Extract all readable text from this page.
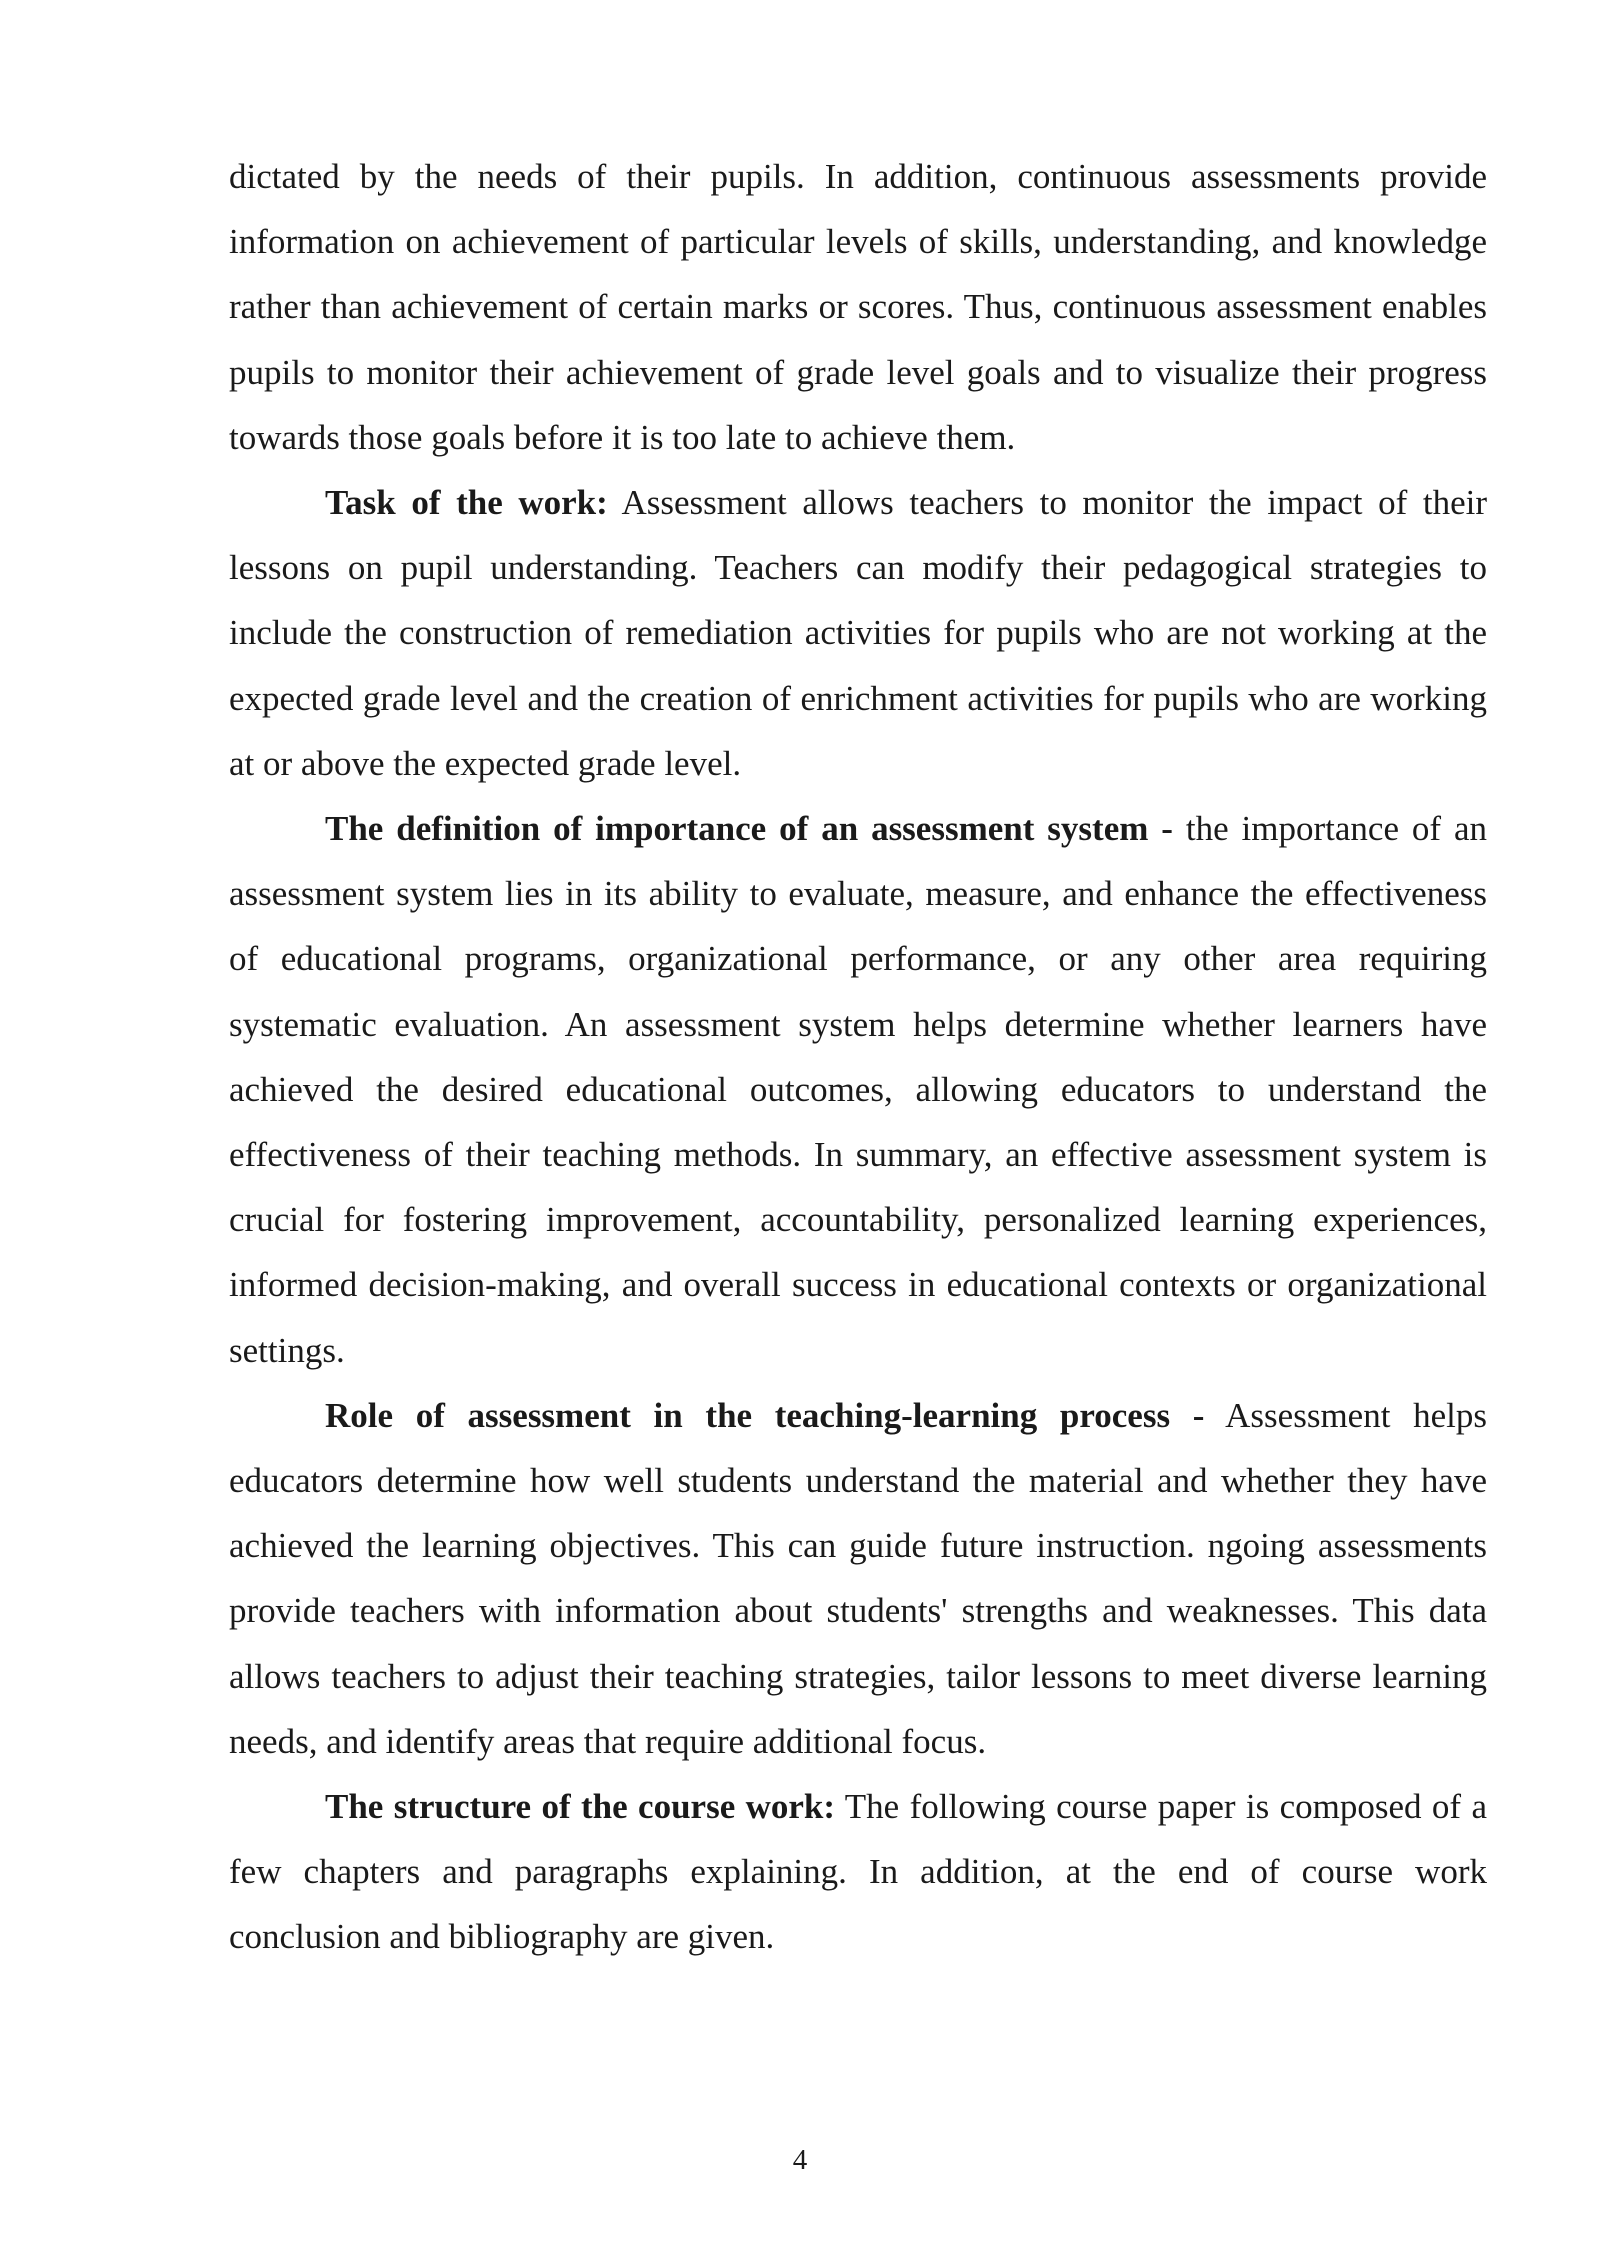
dictated by the needs of their pupils. In addition, continuous assessments provide information on achievement of particular levels of skills, understanding, and knowledge rather than achievement of certain marks or scores. Thus, continuous assessment enables pupils to monitor their achievement of grade level goals and to visualize their progress towards those goals before it is too late to achieve them.

Task of the work: Assessment allows teachers to monitor the impact of their lessons on pupil understanding. Teachers can modify their pedagogical strategies to include the construction of remediation activities for pupils who are not working at the expected grade level and the creation of enrichment activities for pupils who are working at or above the expected grade level.

The definition of importance of an assessment system - the importance of an assessment system lies in its ability to evaluate, measure, and enhance the effectiveness of educational programs, organizational performance, or any other area requiring systematic evaluation. An assessment system helps determine whether learners have achieved the desired educational outcomes, allowing educators to understand the effectiveness of their teaching methods. In summary, an effective assessment system is crucial for fostering improvement, accountability, personalized learning experiences, informed decision-making, and overall success in educational contexts or organizational settings.

Role of assessment in the teaching-learning process - Assessment helps educators determine how well students understand the material and whether they have achieved the learning objectives. This can guide future instruction. ngoing assessments provide teachers with information about students' strengths and weaknesses. This data allows teachers to adjust their teaching strategies, tailor lessons to meet diverse learning needs, and identify areas that require additional focus.

The structure of the course work: The following course paper is composed of a few chapters and paragraphs explaining. In addition, at the end of course work conclusion and bibliography are given.

4
